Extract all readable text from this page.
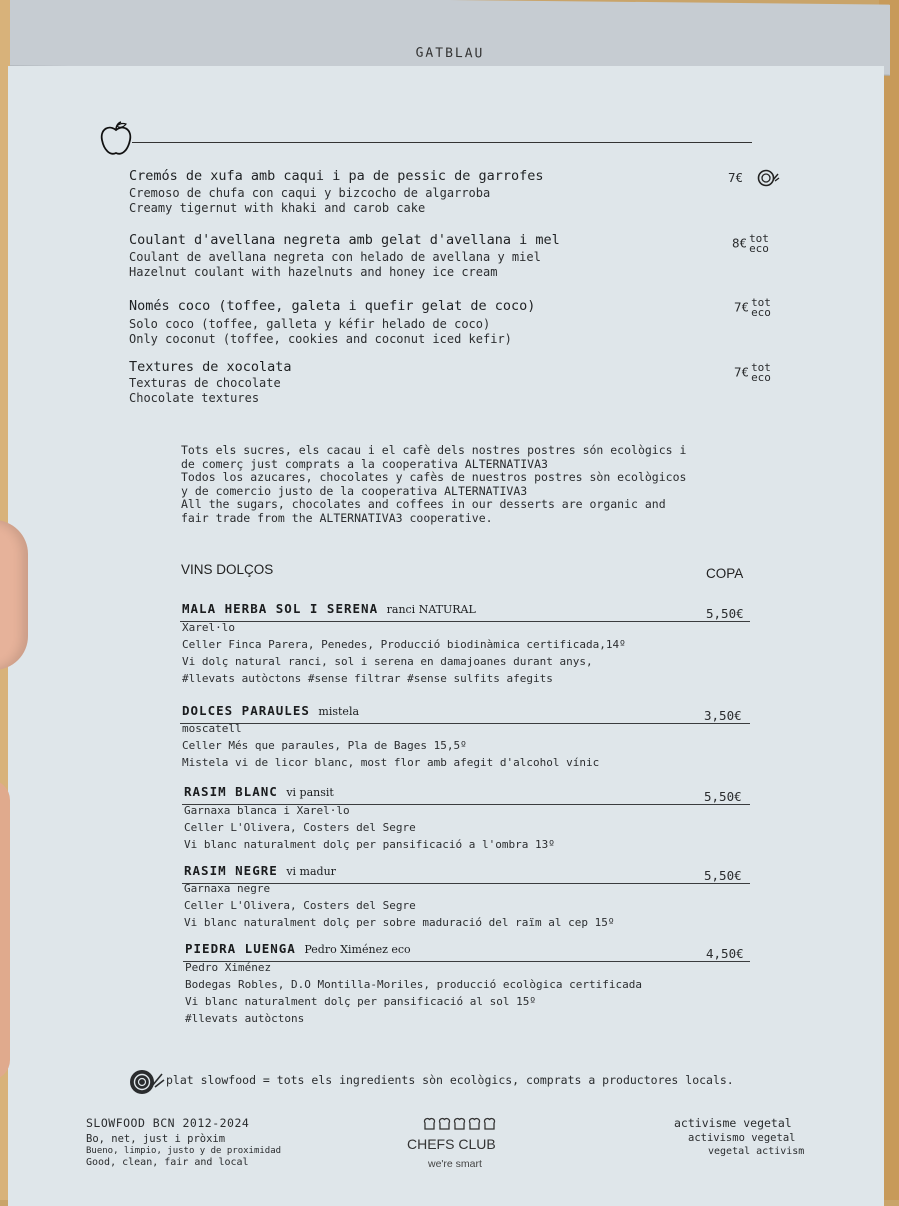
GATBLAU
Cremós de xufa amb caqui i pa de pessic de garrofes
Cremoso de chufa con caqui y bizcocho de algarroba
Creamy tigernut with khaki and carob cake
7€
Coulant d'avellana negreta amb gelat d'avellana i mel
Coulant de avellana negreta con helado de avellana y miel
Hazelnut coulant with hazelnuts and honey ice cream
8€ tot
eco
Només coco (toffee, galeta i quefir gelat de coco)
Solo coco (toffee, galleta y kéfir helado de coco)
Only coconut (toffee, cookies and coconut iced kefir)
7€ tot
eco
Textures de xocolata
Texturas de chocolate
Chocolate textures
7€ tot
eco
Tots els sucres, els cacau i el cafè dels nostres postres són ecològics i
de comerç just comprats a la cooperativa ALTERNATIVA3
Todos los azucares, chocolates y cafès de nuestros postres sòn ecològicos
y de comercio justo de la cooperativa ALTERNATIVA3
All the sugars, chocolates and coffees in our desserts are organic and
fair trade from the ALTERNATIVA3 cooperative.
VINS DOLÇOS	COPA
MALA HERBA SOL I SERENA ranci NATURAL	5,50€
Xarel·lo
Celler Finca Parera, Penedes, Producció biodinàmica certificada,14º
Vi dolç natural ranci, sol i serena en damajoanes durant anys,
#llevats autòctons #sense filtrar #sense sulfits afegits
DOLCES PARAULES mistela	3,50€
moscatell
Celler Més que paraules, Pla de Bages 15,5º
Mistela vi de licor blanc, most flor amb afegit d'alcohol vínic
RASIM BLANC vi pansit	5,50€
Garnaxa blanca i Xarel·lo
Celler L'Olivera, Costers del Segre
Vi blanc naturalment dolç per pansificació a l'ombra 13º
RASIM NEGRE vi madur	5,50€
Garnaxa negre
Celler L'Olivera, Costers del Segre
Vi blanc naturalment dolç per sobre maduració del raïm al cep 15º
PIEDRA LUENGA Pedro Ximénez eco	4,50€
Pedro Ximénez
Bodegas Robles, D.O Montilla-Moriles, producció ecològica certificada
Vi blanc naturalment dolç per pansificació al sol 15º
#llevats autòctons
plat slowfood = tots els ingredients sòn ecològics, comprats a productores locals.
SLOWFOOD BCN 2012-2024
Bo, net, just i pròxim
Bueno, limpio, justo y de proximidad
Good, clean, fair and local
CHEFS CLUB
we're smart
activisme vegetal
activismo vegetal
vegetal activism
